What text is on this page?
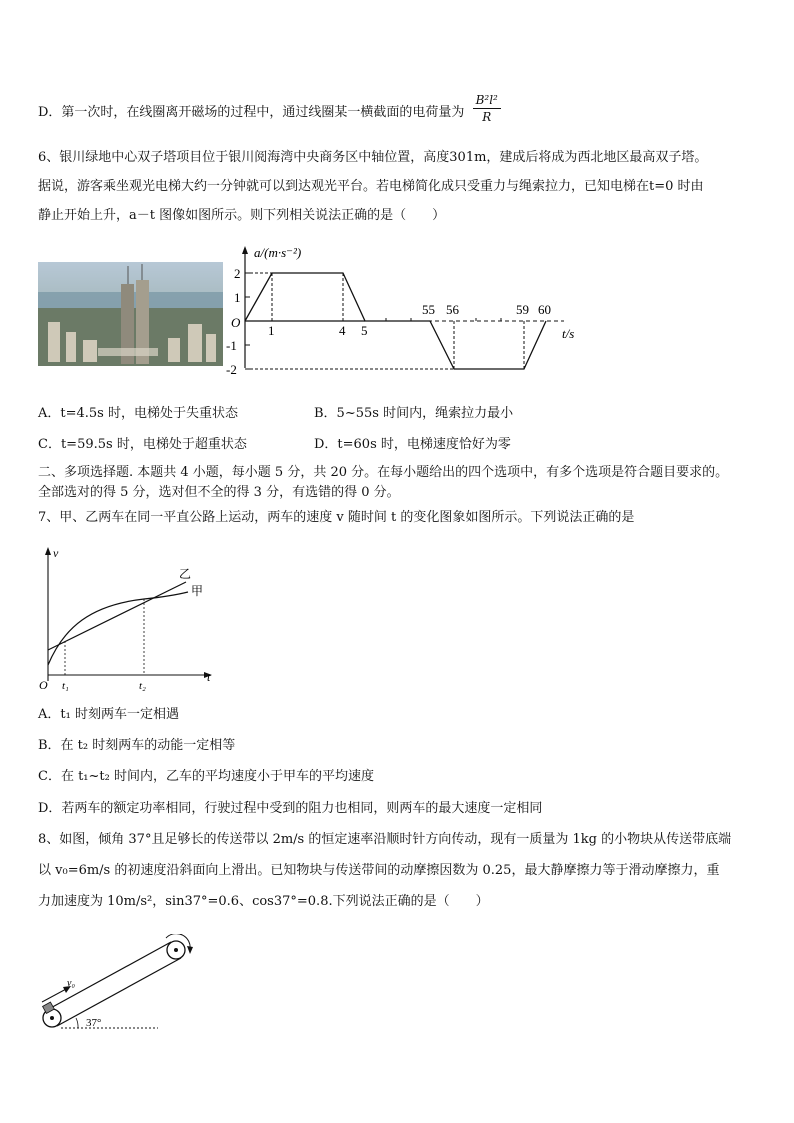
D．第一次时，在线圈离开磁场的过程中，通过线圈某一横截面的电荷量为 $\frac{\text{B²l²}}{R}$
6、银川绿地中心双子塔项目位于银川阅海湾中央商务区中轴位置，高度301m，建成后将成为西北地区最高双子塔。
据说，游客乘坐观光电梯大约一分钟就可以到达观光平台。若电梯简化成只受重力与绳索拉力，已知电梯在t=0 时由
静止开始上升，a－t 图像如图所示。则下列相关说法正确的是（　　）
a/(m·s⁻²)
t/s
O
2
1
-1
-2
1	4 5
55 56	59 60
A．t=4.5s 时，电梯处于失重状态	B．5~55s 时间内，绳索拉力最小
C．t=59.5s 时，电梯处于超重状态	D．t=60s 时，电梯速度恰好为零
二、多项选择题. 本题共 4 小题，每小题 5 分，共 20 分。在每小题给出的四个选项中，有多个选项是符合题目要求的。
全部选对的得 5 分，选对但不全的得 3 分，有选错的得 0 分。
7、甲、乙两车在同一平直公路上运动，两车的速度 v 随时间 t 的变化图象如图所示。下列说法正确的是
v
O t₁	t₂
t
乙
甲
A．t₁ 时刻两车一定相遇
B．在 t₂ 时刻两车的动能一定相等
C．在 t₁~t₂ 时间内，乙车的平均速度小于甲车的平均速度
D．若两车的额定功率相同，行驶过程中受到的阻力也相同，则两车的最大速度一定相同
8、如图，倾角 37°且足够长的传送带以 2m/s 的恒定速率沿顺时针方向传动，现有一质量为 1kg 的小物块从传送带底端
以 v₀=6m/s 的初速度沿斜面向上滑出。已知物块与传送带间的动摩擦因数为 0.25，最大静摩擦力等于滑动摩擦力，重
力加速度为 10m/s²，sin37°=0.6、cos37°=0.8.下列说法正确的是（　　）
v₀
37°
